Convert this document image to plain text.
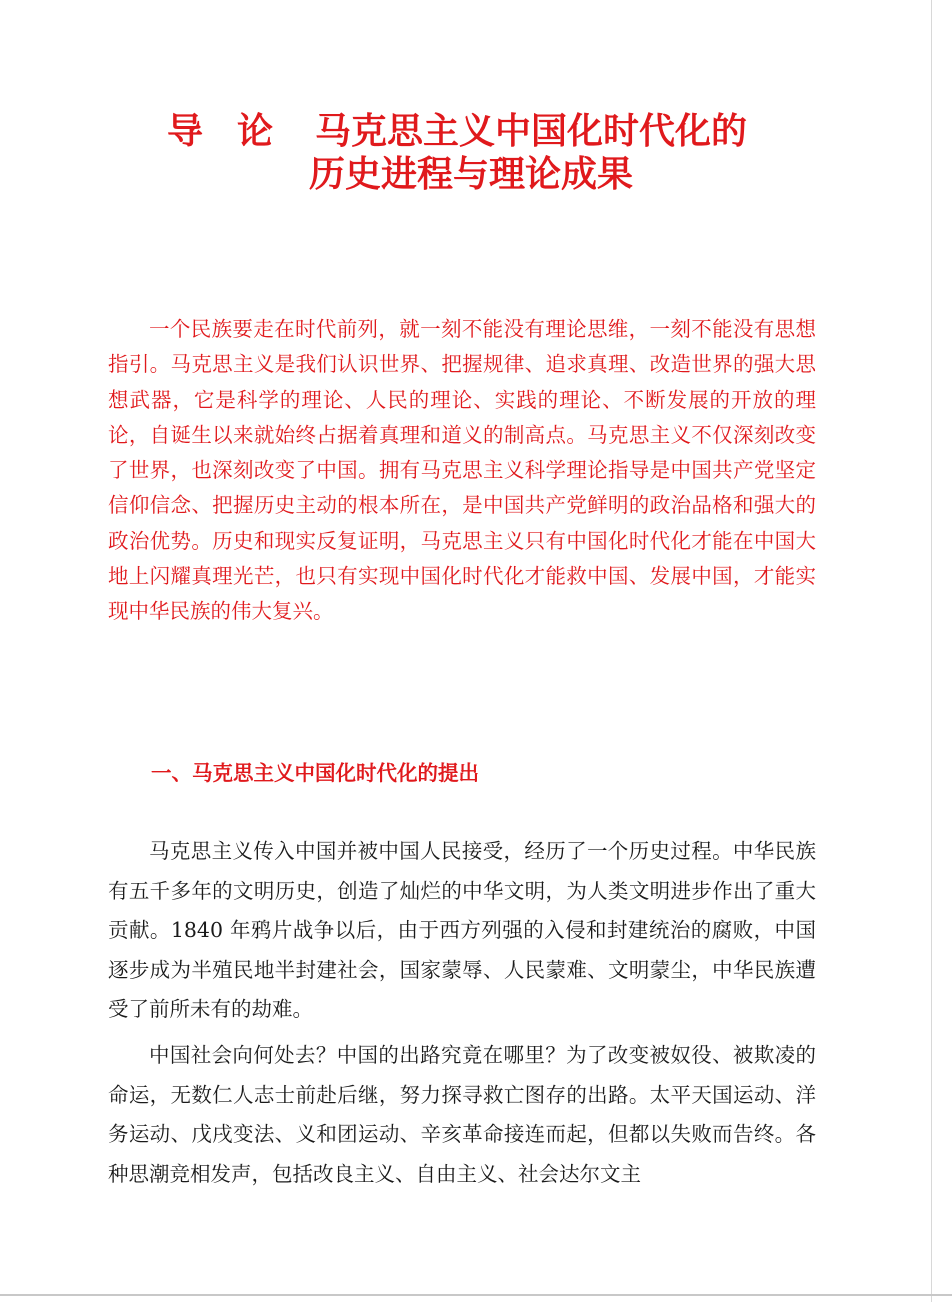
导论 马克思主义中国化时代化的
历史进程与理论成果

一个民族要走在时代前列，就一刻不能没有理论思维，一刻不能没有思想指引。马克思主义是我们认识世界、把握规律、追求真理、改造世界的强大思想武器，它是科学的理论、人民的理论、实践的理论、不断发展的开放的理论，自诞生以来就始终占据着真理和道义的制高点。马克思主义不仅深刻改变了世界，也深刻改变了中国。拥有马克思主义科学理论指导是中国共产党坚定信仰信念、把握历史主动的根本所在，是中国共产党鲜明的政治品格和强大的政治优势。历史和现实反复证明，马克思主义只有中国化时代化才能在中国大地上闪耀真理光芒，也只有实现中国化时代化才能救中国、发展中国，才能实现中华民族的伟大复兴。

一、马克思主义中国化时代化的提出

马克思主义传入中国并被中国人民接受，经历了一个历史过程。中华民族有五千多年的文明历史，创造了灿烂的中华文明，为人类文明进步作出了重大贡献。1840 年鸦片战争以后，由于西方列强的入侵和封建统治的腐败，中国逐步成为半殖民地半封建社会，国家蒙辱、人民蒙难、文明蒙尘，中华民族遭受了前所未有的劫难。

中国社会向何处去？中国的出路究竟在哪里？为了改变被奴役、被欺凌的命运，无数仁人志士前赴后继，努力探寻救亡图存的出路。太平天国运动、洋务运动、戊戌变法、义和团运动、辛亥革命接连而起，但都以失败而告终。各种思潮竞相发声，包括改良主义、自由主义、社会达尔文主
